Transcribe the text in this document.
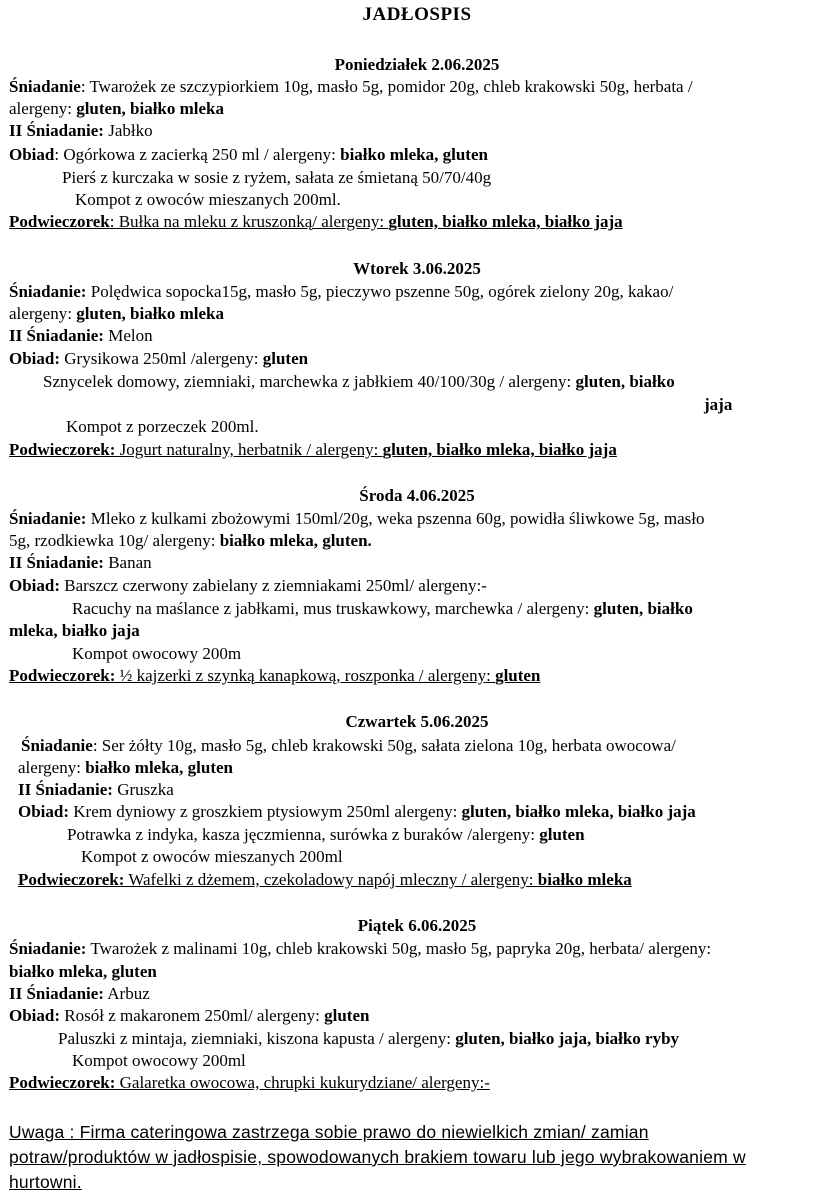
JADŁOSPIS
Poniedziałek 2.06.2025
Śniadanie: Twarożek ze szczypiorkiem 10g, masło 5g, pomidor 20g, chleb krakowski 50g, herbata /
alergeny: gluten, białko mleka
II Śniadanie: Jabłko
Obiad: Ogórkowa z zacierką 250 ml / alergeny: białko mleka, gluten
Pierś z kurczaka w sosie z ryżem, sałata ze śmietaną 50/70/40g
Kompot z owoców mieszanych 200ml.
Podwieczorek: Bułka na mleku z kruszonką/ alergeny: gluten, białko mleka, białko jaja
Wtorek 3.06.2025
Śniadanie: Polędwica sopocka15g, masło 5g, pieczywo pszenne 50g, ogórek zielony 20g, kakao/
alergeny: gluten, białko mleka
II Śniadanie: Melon
Obiad: Grysikowa 250ml /alergeny: gluten
Sznycelek domowy, ziemniaki, marchewka z jabłkiem 40/100/30g / alergeny: gluten, białko
jaja
Kompot z porzeczek 200ml.
Podwieczorek: Jogurt naturalny, herbatnik / alergeny: gluten, białko mleka, białko jaja
Środa 4.06.2025
Śniadanie: Mleko z kulkami zbożowymi 150ml/20g, weka pszenna 60g, powidła śliwkowe 5g, masło
5g, rzodkiewka 10g/ alergeny: białko mleka, gluten.
II Śniadanie: Banan
Obiad: Barszcz czerwony zabielany z ziemniakami 250ml/ alergeny:-
Racuchy na maślance z jabłkami, mus truskawkowy, marchewka / alergeny: gluten, białko
mleka, białko jaja
Kompot owocowy 200m
Podwieczorek: ½ kajzerki z szynką kanapkową, roszponka / alergeny: gluten
Czwartek 5.06.2025
Śniadanie: Ser żółty 10g, masło 5g, chleb krakowski 50g, sałata zielona 10g, herbata owocowa/
alergeny: białko mleka, gluten
II Śniadanie: Gruszka
Obiad: Krem dyniowy z groszkiem ptysiowym 250ml alergeny: gluten, białko mleka, białko jaja
Potrawka z indyka, kasza jęczmienna, surówka z buraków /alergeny: gluten
Kompot z owoców mieszanych 200ml
Podwieczorek: Wafelki z dżemem, czekoladowy napój mleczny / alergeny: białko mleka
Piątek 6.06.2025
Śniadanie: Twarożek z malinami 10g, chleb krakowski 50g, masło 5g, papryka 20g, herbata/ alergeny:
białko mleka, gluten
II Śniadanie: Arbuz
Obiad: Rosół z makaronem 250ml/ alergeny: gluten
Paluszki z mintaja, ziemniaki, kiszona kapusta / alergeny: gluten, białko jaja, białko ryby
Kompot owocowy 200ml
Podwieczorek: Galaretka owocowa, chrupki kukurydziane/ alergeny:-
Uwaga : Firma cateringowa zastrzega sobie prawo do niewielkich zmian/ zamian
potraw/produktów w jadłospisie, spowodowanych brakiem towaru lub jego wybrakowaniem w
hurtowni.
